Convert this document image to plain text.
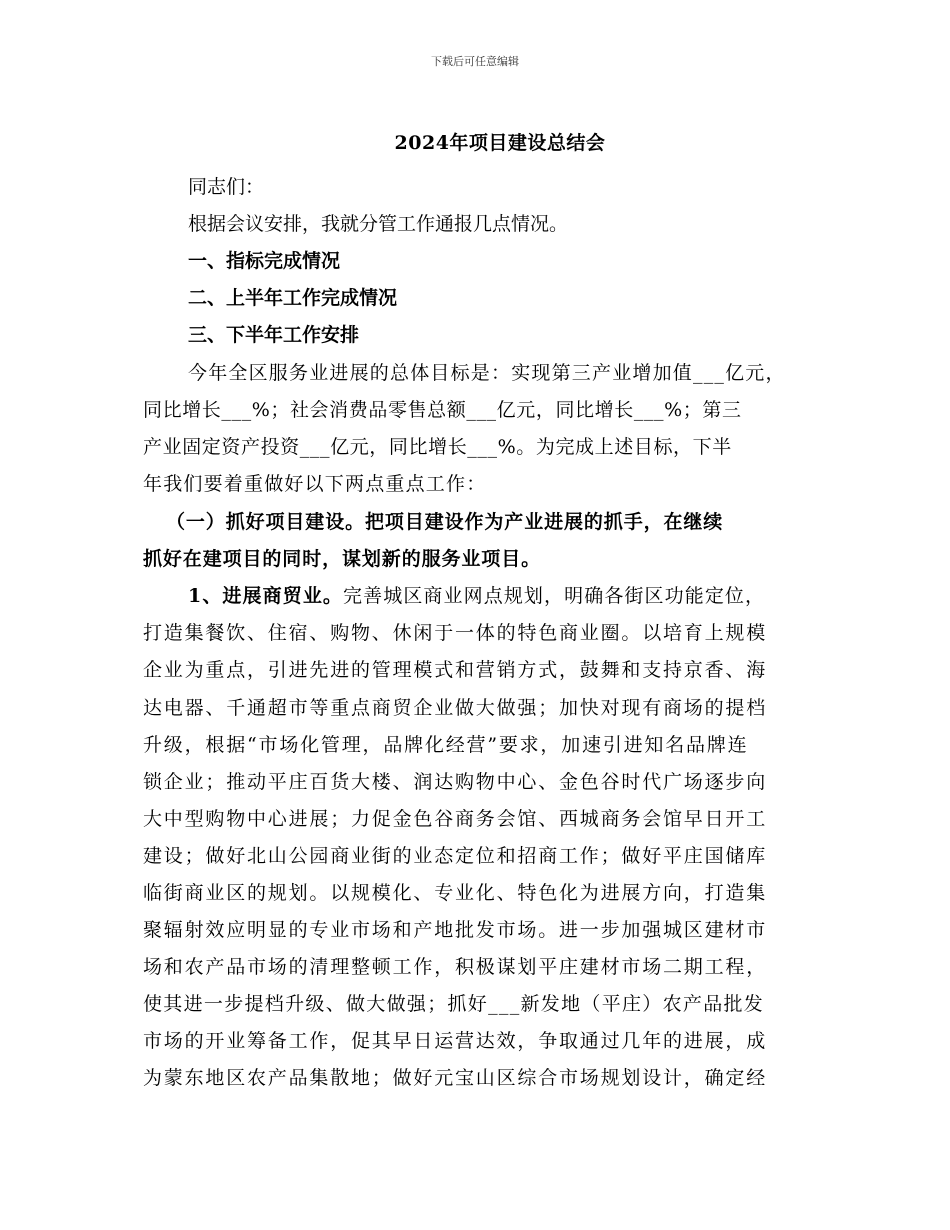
下载后可任意编辑
2024年项目建设总结会
同志们：
根据会议安排，我就分管工作通报几点情况。
一、指标完成情况
二、上半年工作完成情况
三、下半年工作安排
今年全区服务业进展的总体目标是：实现第三产业增加值___亿元，
同比增长___%；社会消费品零售总额___亿元，同比增长___%；第三
产业固定资产投资___亿元，同比增长___%。为完成上述目标，下半
年我们要着重做好以下两点重点工作：
（一）抓好项目建设。把项目建设作为产业进展的抓手，在继续
抓好在建项目的同时，谋划新的服务业项目。
1、进展商贸业。完善城区商业网点规划，明确各街区功能定位，
打造集餐饮、住宿、购物、休闲于一体的特色商业圈。以培育上规模
企业为重点，引进先进的管理模式和营销方式，鼓舞和支持京香、海
达电器、千通超市等重点商贸企业做大做强；加快对现有商场的提档
升级，根据“市场化管理，品牌化经营”要求，加速引进知名品牌连
锁企业；推动平庄百货大楼、润达购物中心、金色谷时代广场逐步向
大中型购物中心进展；力促金色谷商务会馆、西城商务会馆早日开工
建设；做好北山公园商业街的业态定位和招商工作；做好平庄国储库
临街商业区的规划。以规模化、专业化、特色化为进展方向，打造集
聚辐射效应明显的专业市场和产地批发市场。进一步加强城区建材市
场和农产品市场的清理整顿工作，积极谋划平庄建材市场二期工程，
使其进一步提档升级、做大做强；抓好___新发地（平庄）农产品批发
市场的开业筹备工作，促其早日运营达效，争取通过几年的进展，成
为蒙东地区农产品集散地；做好元宝山区综合市场规划设计，确定经
